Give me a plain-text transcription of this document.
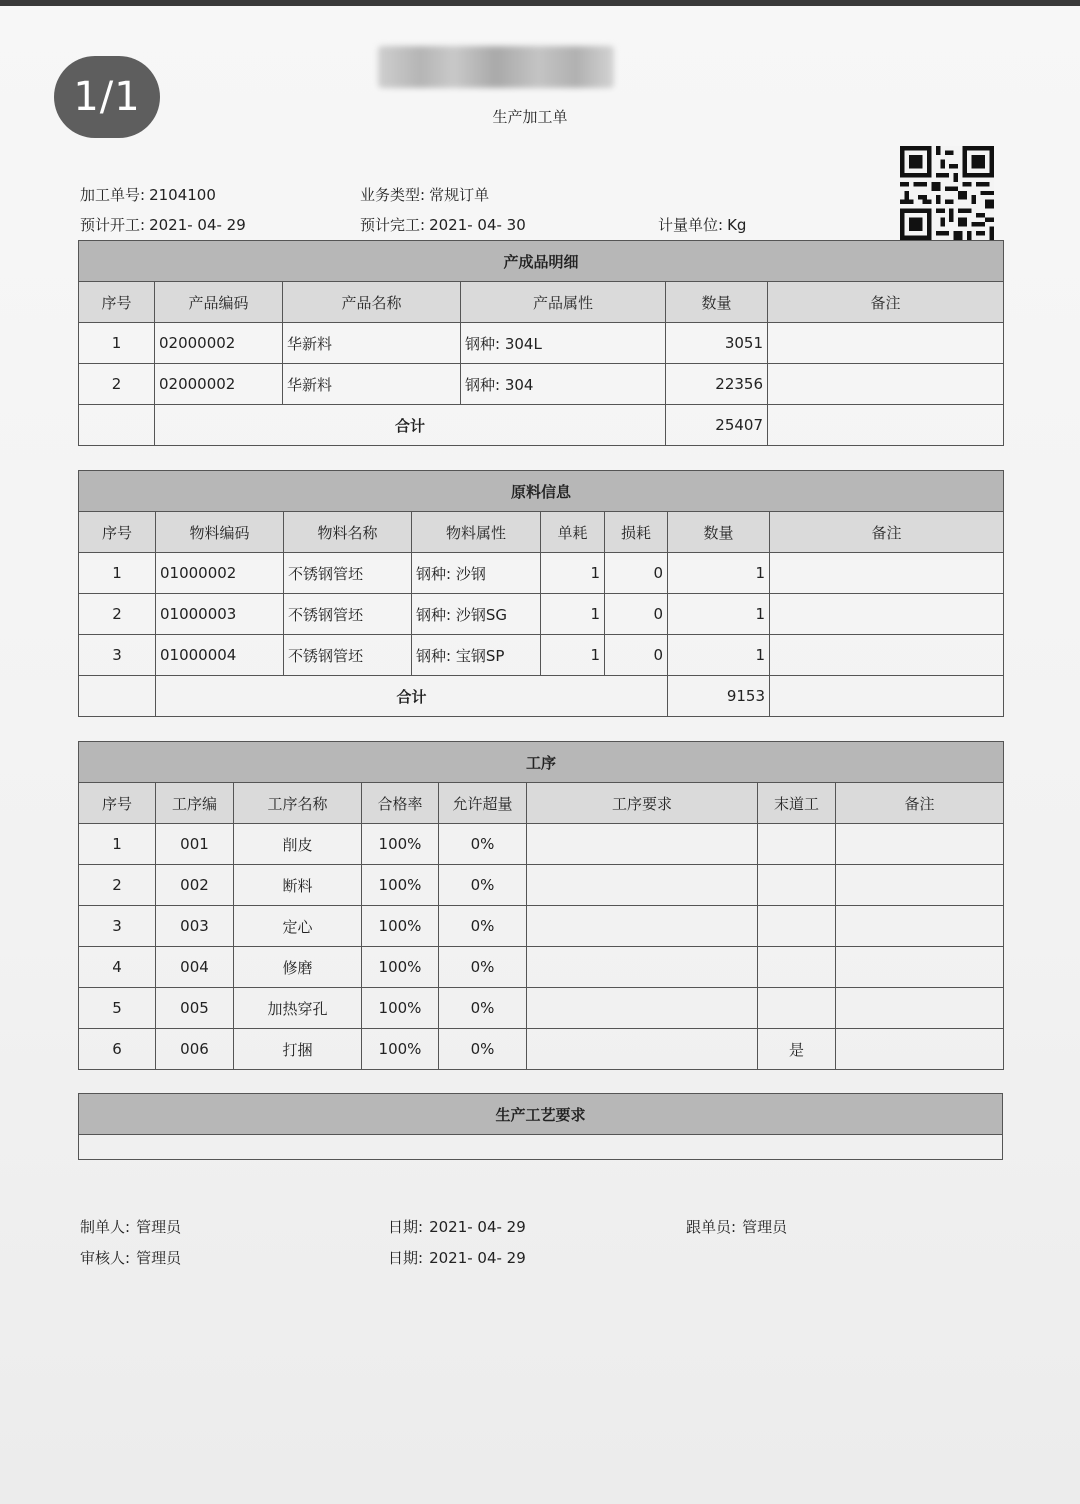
1/1	生产加工单
加工单号: 2104100	业务类型: 常规订单
预计开工: 2021- 04- 29	预计完工: 2021- 04- 30	计量单位: Kg
产成品明细					
序号	产品编码	产品名称	产品属性	数量	备注
1	02000002	华新料	钢种: 304L	3051	
2	02000002	华新料	钢种: 304	22356	
	合计			25407	
原料信息							
序号	物料编码	物料名称	物料属性	单耗	损耗	数量	备注
1	01000002	不锈钢管坯	钢种: 沙钢	1	0	1	
2	01000003	不锈钢管坯	钢种: 沙钢SG	1	0	1	
3	01000004	不锈钢管坯	钢种: 宝钢SP	1	0	1	
	合计					9153	
工序							
序号	工序编	工序名称	合格率	允许超量	工序要求	末道工	备注
1	001	削皮	100%	0%			
2	002	断料	100%	0%			
3	003	定心	100%	0%			
4	004	修磨	100%	0%			
5	005	加热穿孔	100%	0%			
6	006	打捆	100%	0%		是	
生产工艺要求

制单人: 管理员	日期: 2021- 04- 29	跟单员: 管理员
审核人: 管理员	日期: 2021- 04- 29
